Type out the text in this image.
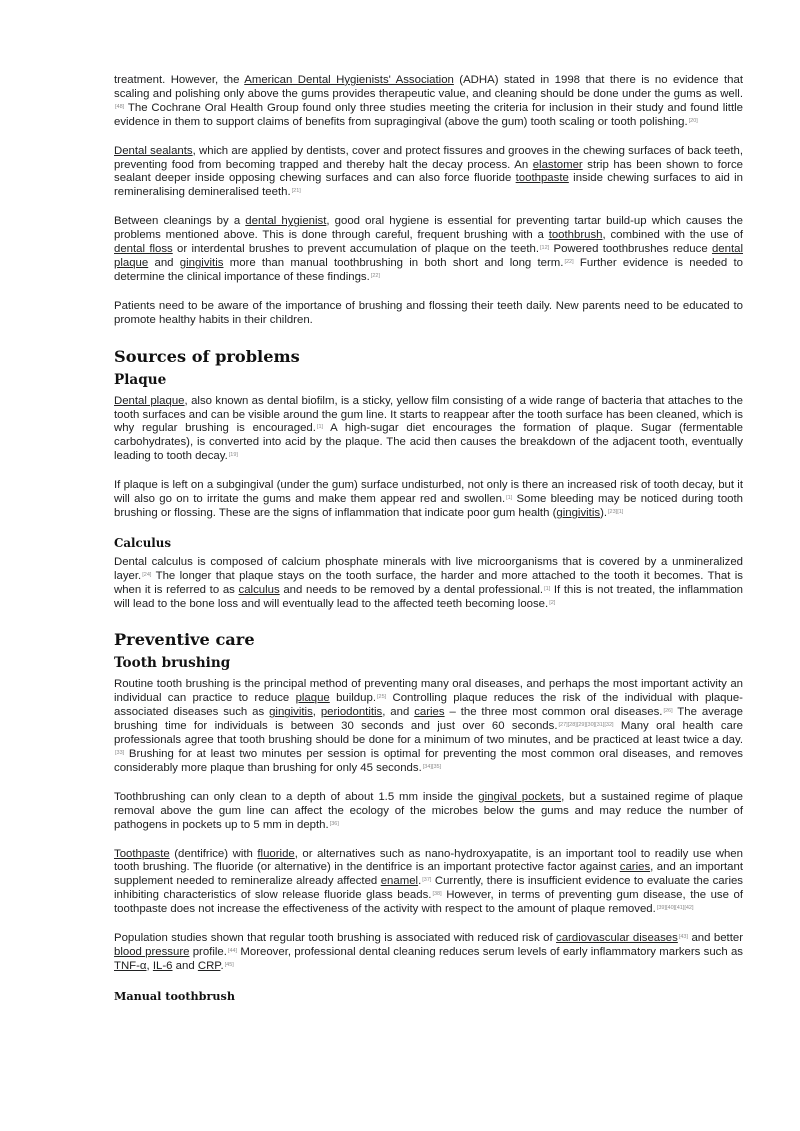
treatment. However, the American Dental Hygienists' Association (ADHA) stated in 1998 that there is no evidence that scaling and polishing only above the gums provides therapeutic value, and cleaning should be done under the gums as well.[48] The Cochrane Oral Health Group found only three studies meeting the criteria for inclusion in their study and found little evidence in them to support claims of benefits from supragingival (above the gum) tooth scaling or tooth polishing.[20]

Dental sealants, which are applied by dentists, cover and protect fissures and grooves in the chewing surfaces of back teeth, preventing food from becoming trapped and thereby halt the decay process. An elastomer strip has been shown to force sealant deeper inside opposing chewing surfaces and can also force fluoride toothpaste inside chewing surfaces to aid in remineralising demineralised teeth.[21]

Between cleanings by a dental hygienist, good oral hygiene is essential for preventing tartar build-up which causes the problems mentioned above. This is done through careful, frequent brushing with a toothbrush, combined with the use of dental floss or interdental brushes to prevent accumulation of plaque on the teeth.[12] Powered toothbrushes reduce dental plaque and gingivitis more than manual toothbrushing in both short and long term.[22] Further evidence is needed to determine the clinical importance of these findings.[22]

Patients need to be aware of the importance of brushing and flossing their teeth daily. New parents need to be educated to promote healthy habits in their children.

Sources of problems
Plaque

Dental plaque, also known as dental biofilm, is a sticky, yellow film consisting of a wide range of bacteria that attaches to the tooth surfaces and can be visible around the gum line. It starts to reappear after the tooth surface has been cleaned, which is why regular brushing is encouraged.[1] A high-sugar diet encourages the formation of plaque. Sugar (fermentable carbohydrates), is converted into acid by the plaque. The acid then causes the breakdown of the adjacent tooth, eventually leading to tooth decay.[19]

If plaque is left on a subgingival (under the gum) surface undisturbed, not only is there an increased risk of tooth decay, but it will also go on to irritate the gums and make them appear red and swollen.[1] Some bleeding may be noticed during tooth brushing or flossing. These are the signs of inflammation that indicate poor gum health (gingivitis).[23][1]

Calculus

Dental calculus is composed of calcium phosphate minerals with live microorganisms that is covered by a unmineralized layer.[24] The longer that plaque stays on the tooth surface, the harder and more attached to the tooth it becomes. That is when it is referred to as calculus and needs to be removed by a dental professional.[1] If this is not treated, the inflammation will lead to the bone loss and will eventually lead to the affected teeth becoming loose.[2]

Preventive care
Tooth brushing

Routine tooth brushing is the principal method of preventing many oral diseases, and perhaps the most important activity an individual can practice to reduce plaque buildup.[25] Controlling plaque reduces the risk of the individual with plaque-associated diseases such as gingivitis, periodontitis, and caries – the three most common oral diseases.[26] The average brushing time for individuals is between 30 seconds and just over 60 seconds.[27][28][29][30][31][32] Many oral health care professionals agree that tooth brushing should be done for a minimum of two minutes, and be practiced at least twice a day.[33] Brushing for at least two minutes per session is optimal for preventing the most common oral diseases, and removes considerably more plaque than brushing for only 45 seconds.[34][35]

Toothbrushing can only clean to a depth of about 1.5 mm inside the gingival pockets, but a sustained regime of plaque removal above the gum line can affect the ecology of the microbes below the gums and may reduce the number of pathogens in pockets up to 5 mm in depth.[36]

Toothpaste (dentifrice) with fluoride, or alternatives such as nano-hydroxyapatite, is an important tool to readily use when tooth brushing. The fluoride (or alternative) in the dentifrice is an important protective factor against caries, and an important supplement needed to remineralize already affected enamel.[37] Currently, there is insufficient evidence to evaluate the caries inhibiting characteristics of slow release fluoride glass beads.[38] However, in terms of preventing gum disease, the use of toothpaste does not increase the effectiveness of the activity with respect to the amount of plaque removed.[39][40][41][42]

Population studies shown that regular tooth brushing is associated with reduced risk of cardiovascular diseases[43] and better blood pressure profile.[44] Moreover, professional dental cleaning reduces serum levels of early inflammatory markers such as TNF-α, IL-6 and CRP.[45]

Manual toothbrush
